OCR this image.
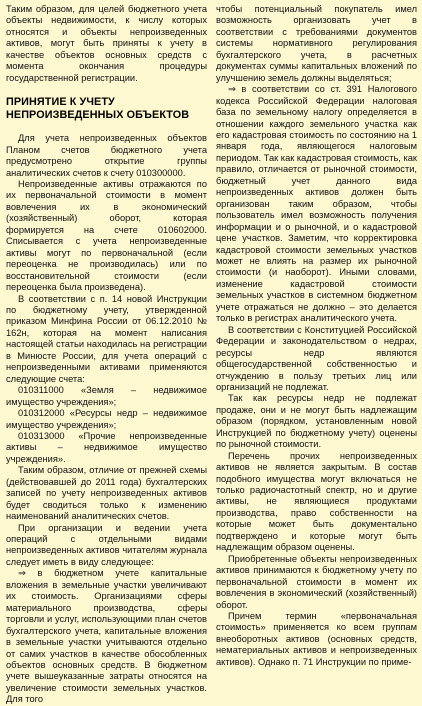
Таким образом, для целей бюджетного учета объекты недвижимости, к числу которых относятся и объекты непроизведенных активов, могут быть приняты к учету в качестве объектов основных средств с момента окончания процедуры государственной регистрации.

ПРИНЯТИЕ К УЧЕТУ
НЕПРОИЗВЕДЕННЫХ ОБЪЕКТОВ

Для учета непроизведенных объектов Планом счетов бюджетного учета предусмотрено открытие группы аналитических счетов к счету 010300000.

Непроизведенные активы отражаются по их первоначальной стоимости в момент вовлечения их в экономический (хозяйственный) оборот, которая формируется на счете 010602000. Списывается с учета непроизведенные активы могут по первоначальной (если переоценка не производилась) или по восстановительной стоимости (если переоценка была произведена).

В соответствии с п. 14 новой Инструкции по бюджетному учету, утвержденной приказом Минфина России от 06.12.2010 № 162н, которая на момент написания настоящей статьи находилась на регистрации в Минюсте России, для учета операций с непроизведенными активами применяются следующие счета:

010311000 «Земля – недвижимое имущество учреждения»;

010312000 «Ресурсы недр – недвижимое имущество учреждения»;

010313000 «Прочие непроизведенные активы – недвижимое имущество учреждения».

Таким образом, отличие от прежней схемы (действовавшей до 2011 года) бухгалтерских записей по учету непроизведенных активов будет сводиться только к изменению наименований аналитических счетов.

При организации и ведении учета операций с отдельными видами непроизведенных активов читателям журнала следует иметь в виду следующее:

⇒ в бюджетном учете капитальные вложения в земельные участки увеличивают их стоимость. Организациями сферы материального производства, сферы торговли и услуг, использующими план счетов бухгалтерского учета, капитальные вложения в земельные участки учитываются отдельно от самих участков в качестве обособленных объектов основных средств. В бюджетном учете вышеуказанные затраты относятся на увеличение стоимости земельных участков. Для того

чтобы потенциальный покупатель имел возможность организовать учет в соответствии с требованиями документов системы нормативного регулирования бухгалтерского учета, в расчетных документах суммы капитальных вложений по улучшению земель должны выделяться;

⇒ в соответствии со ст. 391 Налогового кодекса Российской Федерации налоговая база по земельному налогу определяется в отношении каждого земельного участка как его кадастровая стоимость по состоянию на 1 января года, являющегося налоговым периодом. Так как кадастровая стоимость, как правило, отличается от рыночной стоимости, бюджетный учет данного вида непроизведенных активов должен быть организован таким образом, чтобы пользователь имел возможность получения информации и о рыночной, и о кадастровой цене участков. Заметим, что корректировка кадастровой стоимости земельных участков может не влиять на размер их рыночной стоимости (и наоборот). Иными словами, изменение кадастровой стоимости земельных участков в системном бюджетном учете отражаться не должно – это делается только в регистрах аналитического учета.

В соответствии с Конституцией Российской Федерации и законодательством о недрах, ресурсы недр являются общегосударственной собственностью и отчуждению в пользу третьих лиц или организаций не подлежат.

Так как ресурсы недр не подлежат продаже, они и не могут быть надлежащим образом (порядком, установленным новой Инструкцией по бюджетному учету) оценены по рыночной стоимости.

Перечень прочих непроизведенных активов не является закрытым. В состав подобного имущества могут включаться не только радиочастотный спектр, но и другие активы, не являющиеся продуктами производства, право собственности на которые может быть документально подтверждено и которые могут быть надлежащим образом оценены.

Приобретенные объекты непроизведенных активов принимаются к бюджетному учету по первоначальной стоимости в момент их вовлечения в экономический (хозяйственный) оборот.

Причем термин «первоначальная стоимость» применяется ко всем группам внеоборотных активов (основных средств, нематериальных активов и непроизведенных активов). Однако п. 71 Инструкции по приме-
